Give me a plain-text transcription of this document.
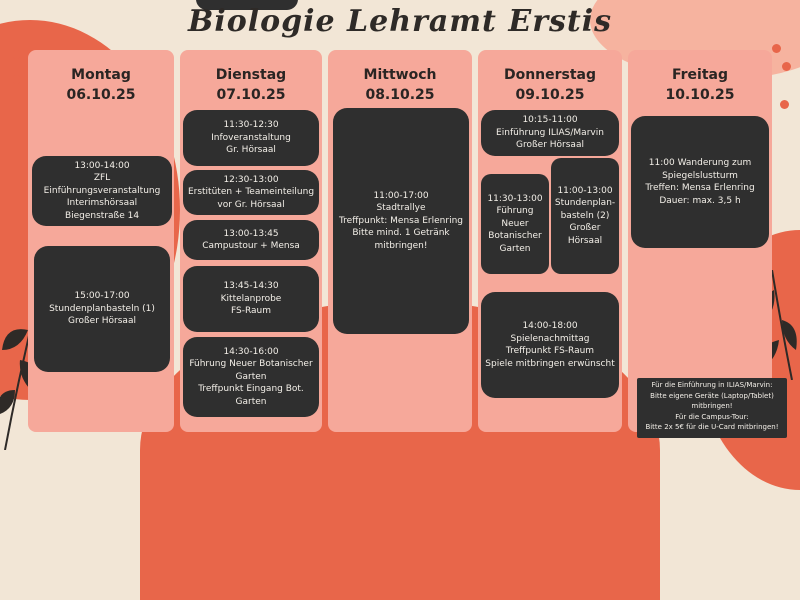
Biologie Lehramt Erstis
Montag
06.10.25
13:00-14:00
ZFL Einführungsveranstaltung
Interimshörsaal
Biegenstraße 14
15:00-17:00
Stundenplanbasteln (1)
Großer Hörsaal
Dienstag
07.10.25
11:30-12:30
Infoveranstaltung
Gr. Hörsaal
12:30-13:00
Erstitüten + Teameinteilung
vor Gr. Hörsaal
13:00-13:45
Campustour + Mensa
13:45-14:30
Kittelanprobe
FS-Raum
14:30-16:00
Führung Neuer Botanischer
Garten
Treffpunkt Eingang Bot.
Garten
Mittwoch
08.10.25
11:00-17:00
Stadtrallye
Treffpunkt: Mensa Erlenring
Bitte mind. 1 Getränk
mitbringen!
Donnerstag
09.10.25
10:15-11:00
Einführung ILIAS/Marvin
Großer Hörsaal
11:30-13:00
Führung
Neuer
Botanischer
Garten
11:00-13:00
Stundenplan-
basteln (2)
Großer
Hörsaal
14:00-18:00
Spielenachmittag
Treffpunkt FS-Raum
Spiele mitbringen erwünscht
Freitag
10.10.25
11:00 Wanderung zum
Spiegelslustturm
Treffen: Mensa Erlenring
Dauer: max. 3,5 h
Für die Einführung in ILIAS/Marvin:
Bitte eigene Geräte (Laptop/Tablet)
mitbringen!
Für die Campus-Tour:
Bitte 2x 5€ für die U-Card mitbringen!
